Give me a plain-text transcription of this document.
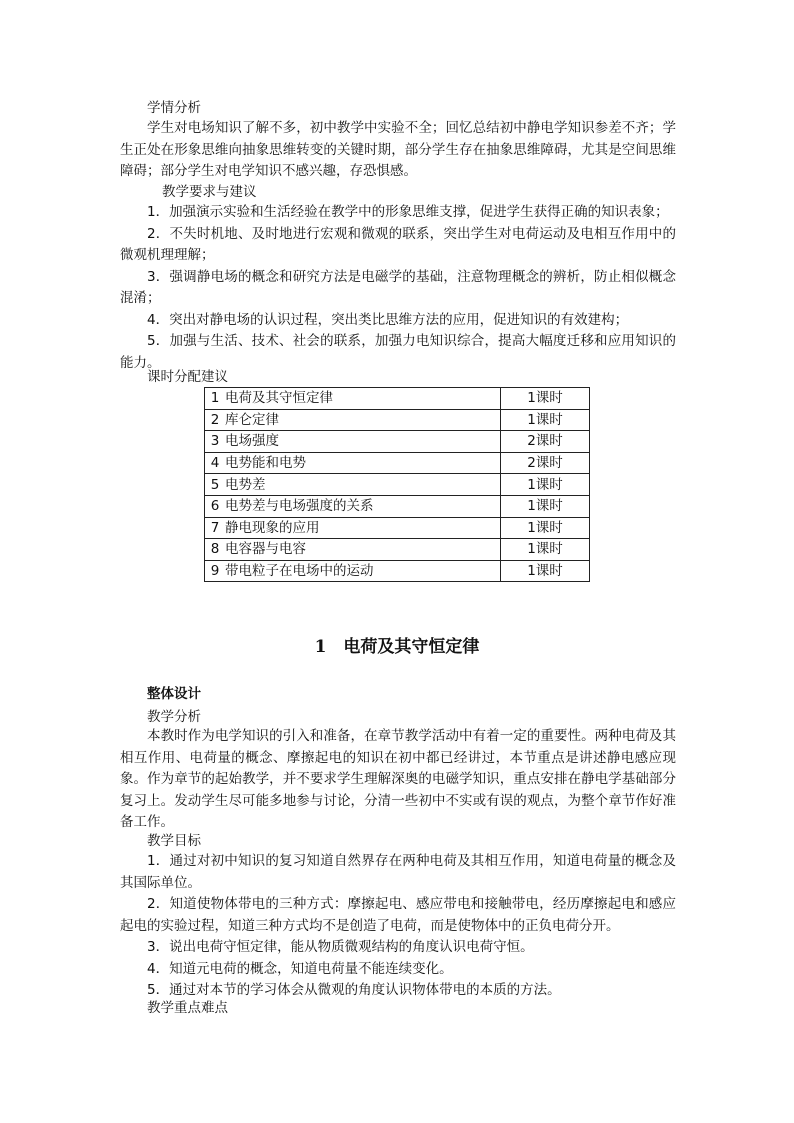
学情分析

学生对电场知识了解不多，初中教学中实验不全；回忆总结初中静电学知识参差不齐；学生正处在形象思维向抽象思维转变的关键时期，部分学生存在抽象思维障碍，尤其是空间思维障碍；部分学生对电学知识不感兴趣，存恐惧感。

教学要求与建议

1．加强演示实验和生活经验在教学中的形象思维支撑，促进学生获得正确的知识表象；

2．不失时机地、及时地进行宏观和微观的联系，突出学生对电荷运动及电相互作用中的微观机理理解；

3．强调静电场的概念和研究方法是电磁学的基础，注意物理概念的辨析，防止相似概念混淆；

4．突出对静电场的认识过程，突出类比思维方法的应用，促进知识的有效建构；

5．加强与生活、技术、社会的联系，加强力电知识综合，提高大幅度迁移和应用知识的能力。

课时分配建议
1	电荷及其守恒定律	1课时
2	库仑定律	1课时
3	电场强度	2课时
4	电势能和电势	2课时
5	电势差	1课时
6	电势差与电场强度的关系	1课时
7	静电现象的应用	1课时
8	电容器与电容	1课时
9	带电粒子在电场中的运动	1课时
1　电荷及其守恒定律
整体设计
教学分析

本教时作为电学知识的引入和准备，在章节教学活动中有着一定的重要性。两种电荷及其相互作用、电荷量的概念、摩擦起电的知识在初中都已经讲过，本节重点是讲述静电感应现象。作为章节的起始教学，并不要求学生理解深奥的电磁学知识，重点安排在静电学基础部分复习上。发动学生尽可能多地参与讨论，分清一些初中不实或有误的观点，为整个章节作好准备工作。

教学目标

1．通过对初中知识的复习知道自然界存在两种电荷及其相互作用，知道电荷量的概念及其国际单位。

2．知道使物体带电的三种方式：摩擦起电、感应带电和接触带电，经历摩擦起电和感应起电的实验过程，知道三种方式均不是创造了电荷，而是使物体中的正负电荷分开。

3．说出电荷守恒定律，能从物质微观结构的角度认识电荷守恒。

4．知道元电荷的概念，知道电荷量不能连续变化。

5．通过对本节的学习体会从微观的角度认识物体带电的本质的方法。

教学重点难点
